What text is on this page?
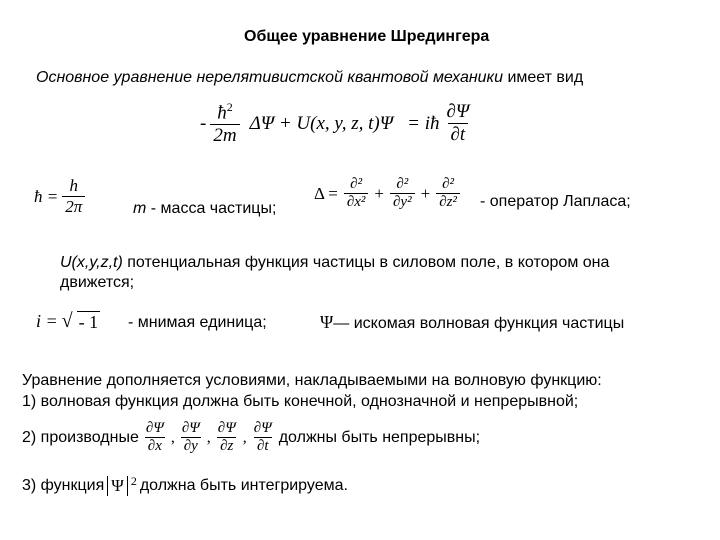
Общее уравнение Шредингера
Основное уравнение нерелятивистской квантовой механики имеет вид
- $\frac{ħ^2}{2m}$ ΔΨ + U(x, y, z, t)Ψ = iħ $\frac{\partial\Psi}{\partial t}$
ħ = $\frac{h}{2\pi}$	m - масса частицы;
$\Delta = \frac{\text{∂²}}{\text{∂x²}} + \frac{\text{∂²}}{\text{∂y²}} + \frac{\text{∂²}}{\text{∂z²}}$ - оператор Лапласа;
U(x,y,z,t) потенциальная функция частицы в силовом поле, в котором она
движется;
i = √ - 1 - мнимая единица;	Ψ— искомая волновая функция частицы
Уравнение дополняется условиями, накладываемыми на волновую функцию:
1) волновая функция должна быть конечной, однозначной и непрерывной;
2) производные $\frac{\partial\Psi}{\partial x}$ , $\frac{\partial\Psi}{\partial y}$ , $\frac{\partial\Psi}{\partial z}$ , $\frac{\partial\Psi}{\partial t}$ должны быть непрерывны;
3) функция Ψ $^2$ должна быть интегрируема.
